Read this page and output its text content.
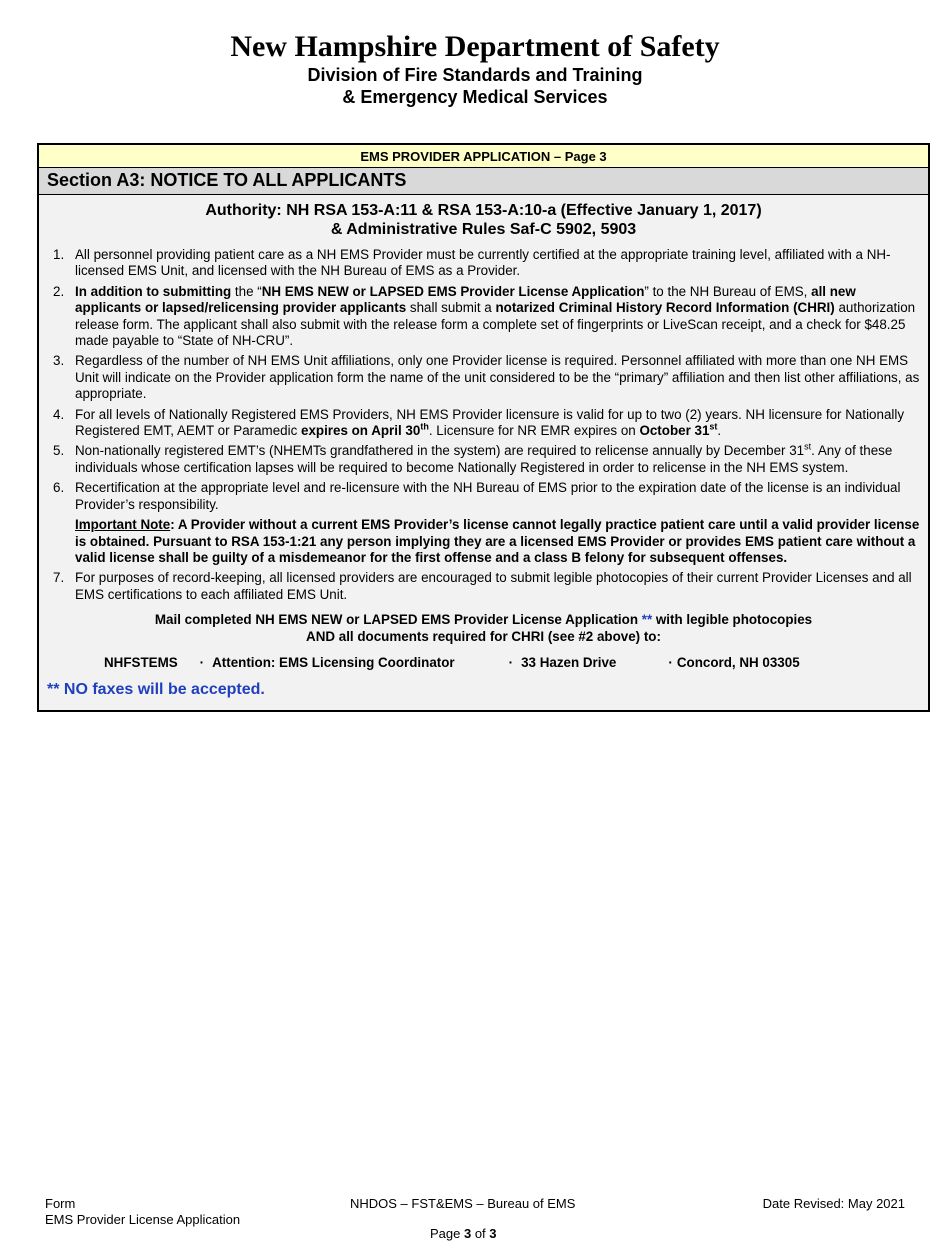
New Hampshire Department of Safety
Division of Fire Standards and Training
& Emergency Medical Services
EMS PROVIDER APPLICATION – Page 3
Section A3: NOTICE TO ALL APPLICANTS
Authority: NH RSA 153-A:11 & RSA 153-A:10-a (Effective January 1, 2017)
& Administrative Rules Saf-C 5902, 5903
1. All personnel providing patient care as a NH EMS Provider must be currently certified at the appropriate training level, affiliated with a NH-licensed EMS Unit, and licensed with the NH Bureau of EMS as a Provider.
2. In addition to submitting the “NH EMS NEW or LAPSED EMS Provider License Application” to the NH Bureau of EMS, all new applicants or lapsed/relicensing provider applicants shall submit a notarized Criminal History Record Information (CHRI) authorization release form. The applicant shall also submit with the release form a complete set of fingerprints or LiveScan receipt, and a check for $48.25 made payable to “State of NH-CRU”.
3. Regardless of the number of NH EMS Unit affiliations, only one Provider license is required. Personnel affiliated with more than one NH EMS Unit will indicate on the Provider application form the name of the unit considered to be the “primary” affiliation and then list other affiliations, as appropriate.
4. For all levels of Nationally Registered EMS Providers, NH EMS Provider licensure is valid for up to two (2) years. NH licensure for Nationally Registered EMT, AEMT or Paramedic expires on April 30th. Licensure for NR EMR expires on October 31st.
5. Non-nationally registered EMT’s (NHEMTs grandfathered in the system) are required to relicense annually by December 31st. Any of these individuals whose certification lapses will be required to become Nationally Registered in order to relicense in the NH EMS system.
6. Recertification at the appropriate level and re-licensure with the NH Bureau of EMS prior to the expiration date of the license is an individual Provider’s responsibility.
Important Note: A Provider without a current EMS Provider’s license cannot legally practice patient care until a valid provider license is obtained. Pursuant to RSA 153-1:21 any person implying they are a licensed EMS Provider or provides EMS patient care without a valid license shall be guilty of a misdemeanor for the first offense and a class B felony for subsequent offenses.
7. For purposes of record-keeping, all licensed providers are encouraged to submit legible photocopies of their current Provider Licenses and all EMS certifications to each affiliated EMS Unit.
Mail completed NH EMS NEW or LAPSED EMS Provider License Application ** with legible photocopies
AND all documents required for CHRI (see #2 above) to:
NHFSTEMS · Attention: EMS Licensing Coordinator	· 33 Hazen Drive	· Concord, NH 03305
** NO faxes will be accepted.
Form
EMS Provider License Application
NHDOS – FST&EMS – Bureau of EMS	Date Revised: May 2021
Page 3 of 3
